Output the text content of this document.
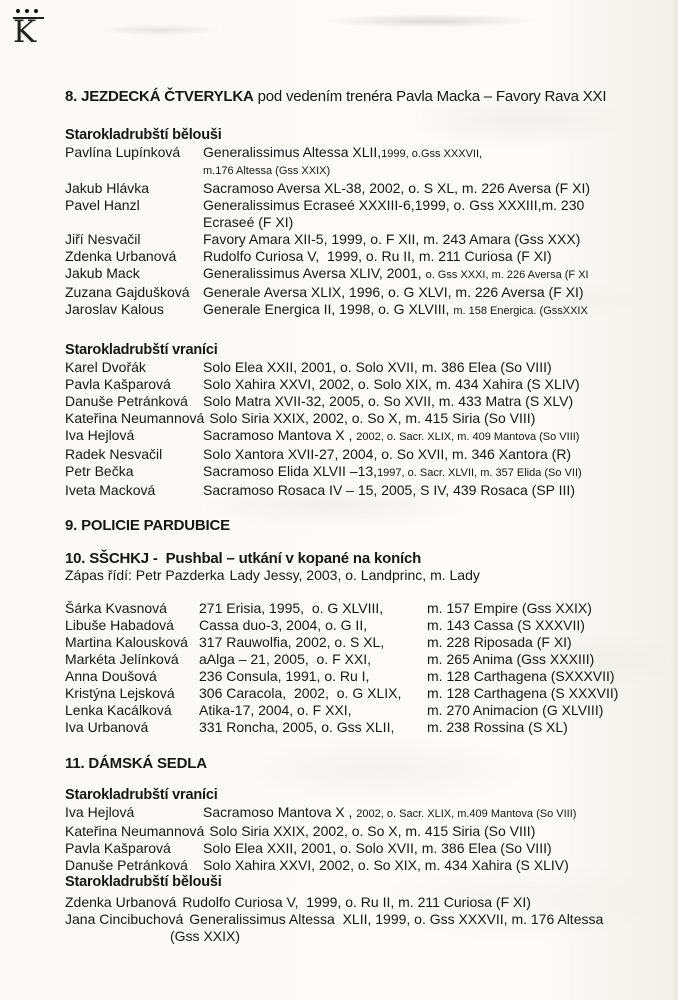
K
8. JEZDECKÁ ČTVERYLKA pod vedením trenéra Pavla Macka – Favory Rava XXI
Starokladrubští bělouši
Pavlína Lupínková	Generalissimus Altessa XLII,1999, o.Gss XXXVII,
m.176 Altessa (Gss XXIX)
Jakub Hlávka	Sacramoso Aversa XL-38, 2002, o. S XL, m. 226 Aversa (F XI)
Pavel Hanzl	Generalissimus Ecraseé XXXIII-6,1999, o. Gss XXXIII,m. 230
Ecraseé (F XI)
Jiří Nesvačil	Favory Amara XII-5, 1999, o. F XII, m. 243 Amara (Gss XXX)
Zdenka Urbanová	Rudolfo Curiosa V,  1999, o. Ru II, m. 211 Curiosa (F XI)
Jakub Mack	Generalissimus Aversa XLIV, 2001, o. Gss XXXI, m. 226 Aversa (F XI
Zuzana Gajdušková Generale Aversa XLIX, 1996, o. G XLVI, m. 226 Aversa (F XI)
Jaroslav Kalous	Generale Energica II, 1998, o. G XLVIII, m. 158 Energica. (GssXXIX
Starokladrubští vraníci
Karel Dvořák	Solo Elea XXII, 2001, o. Solo XVII, m. 386 Elea (So VIII)
Pavla Kašparová	Solo Xahira XXVI, 2002, o. Solo XIX, m. 434 Xahira (S XLIV)
Danuše Petránková	Solo Matra XVII-32, 2005, o. So XVII, m. 433 Matra (S XLV)
Kateřina Neumannová Solo Siria XXIX, 2002, o. So X, m. 415 Siria (So VIII)
Iva Hejlová	Sacramoso Mantova X , 2002, o. Sacr. XLIX, m. 409 Mantova (So VIII)
Radek Nesvačil	Solo Xantora XVII-27, 2004, o. So XVII, m. 346 Xantora (R)
Petr Bečka	Sacramoso Elida XLVII –13,1997, o. Sacr. XLVII, m. 357 Elida (So VII)
Iveta Macková	Sacramoso Rosaca IV – 15, 2005, S IV, 439 Rosaca (SP III)
9. POLICIE PARDUBICE
10. SŠCHKJ -  Pushbal – utkání v kopané na koních
Zápas řídí: Petr Pazderka Lady Jessy, 2003, o. Landprinc, m. Lady
Šárka Kvasnová	271 Erisia, 1995,  o. G XLVIII,	m. 157 Empire (Gss XXIX)
Libuše Habadová	Cassa duo-3, 2004, o. G II,	m. 143 Cassa (S XXXVII)
Martina Kalousková 317 Rauwolfia, 2002, o. S XL,	m. 228 Riposada (F XI)
Markéta Jelínková	aAlga – 21, 2005,  o. F XXI,	m. 265 Anima (Gss XXXIII)
Anna Doušová	236 Consula, 1991, o. Ru I,	m. 128 Carthagena (SXXXVII)
Kristýna Lejsková	306 Caracola,  2002,  o. G XLIX,	m. 128 Carthagena (S XXXVII)
Lenka Kacálková	Atika-17, 2004, o. F XXI,	m. 270 Animacion (G XLVIII)
Iva Urbanová	331 Roncha, 2005, o. Gss XLII,	m. 238 Rossina (S XL)
11. DÁMSKÁ SEDLA
Starokladrubští vraníci
Iva Hejlová	Sacramoso Mantova X , 2002, o. Sacr. XLIX, m.409 Mantova (So VIII)
Kateřina Neumannová Solo Siria XXIX, 2002, o. So X, m. 415 Siria (So VIII)
Pavla Kašparová	Solo Elea XXII, 2001, o. Solo XVII, m. 386 Elea (So VIII)
Danuše Petránková	Solo Xahira XXVI, 2002, o. So XIX, m. 434 Xahira (S XLIV)
Starokladrubští bělouši
Zdenka Urbanová Rudolfo Curiosa V,  1999, o. Ru II, m. 211 Curiosa (F XI)
Jana Cincibuchová Generalissimus Altessa  XLII, 1999, o. Gss XXXVII, m. 176 Altessa
(Gss XXIX)
